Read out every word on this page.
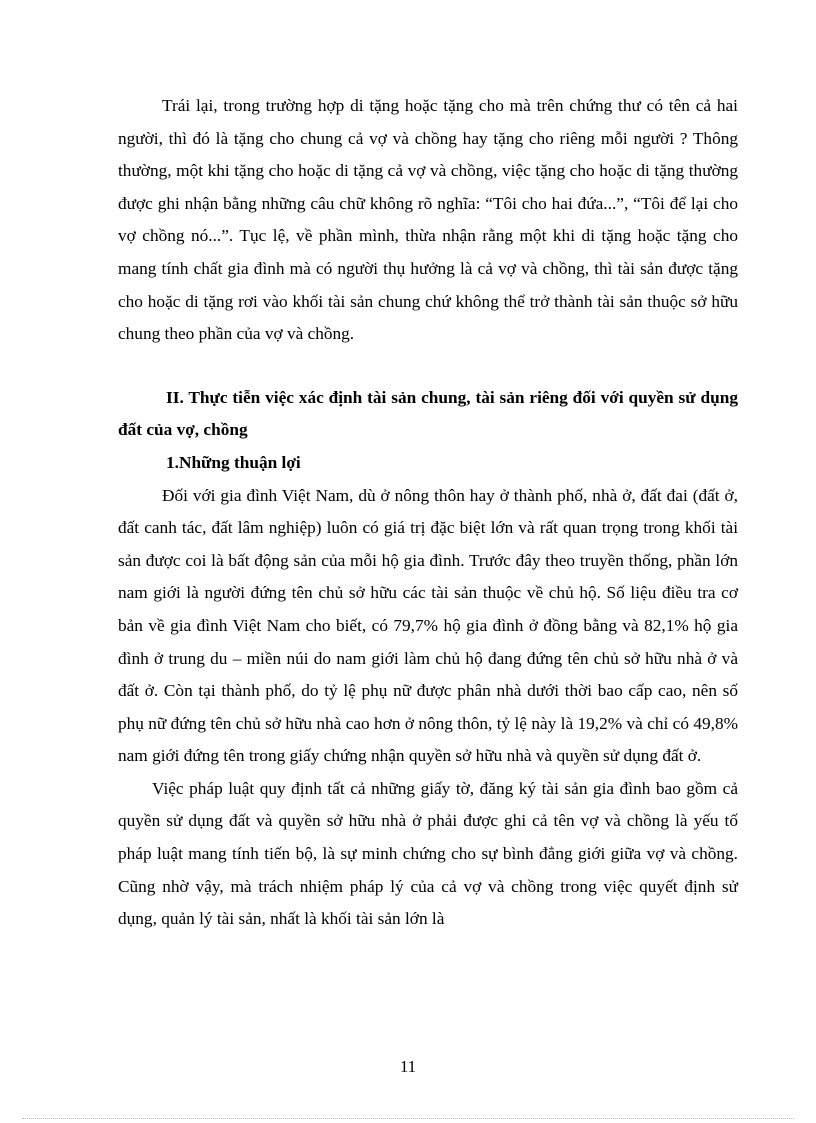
Trái lại, trong trường hợp di tặng hoặc tặng cho mà trên chứng thư có tên cả hai người, thì đó là tặng cho chung cả vợ và chồng hay tặng cho riêng mỗi người ? Thông thường, một khi tặng cho hoặc di tặng cả vợ và chồng, việc tặng cho hoặc di tặng thường được ghi nhận bằng những câu chữ không rõ nghĩa: “Tôi cho hai đứa...”, “Tôi để lại cho vợ chồng nó...”. Tục lệ, về phần mình, thừa nhận rằng một khi di tặng hoặc tặng cho mang tính chất gia đình mà có người thụ hưởng là cả vợ và chồng, thì tài sản được tặng cho hoặc di tặng rơi vào khối tài sản chung chứ không thể trở thành tài sản thuộc sở hữu chung theo phần của vợ và chồng.

II. Thực tiễn việc xác định tài sản chung, tài sản riêng đối với quyền sử dụng đất của vợ, chồng

1.Những thuận lợi

Đối với gia đình Việt Nam, dù ở nông thôn hay ở thành phố, nhà ở, đất đai (đất ở, đất canh tác, đất lâm nghiệp) luôn có giá trị đặc biệt lớn và rất quan trọng trong khối tài sản được coi là bất động sản của mỗi hộ gia đình. Trước đây theo truyền thống, phần lớn nam giới là người đứng tên chủ sở hữu các tài sản thuộc về chủ hộ. Số liệu điều tra cơ bản về gia đình Việt Nam cho biết, có 79,7% hộ gia đình ở đồng bằng và 82,1% hộ gia đình ở trung du – miền núi do nam giới làm chủ hộ đang đứng tên chủ sở hữu nhà ở và đất ở. Còn tại thành phố, do tỷ lệ phụ nữ được phân nhà dưới thời bao cấp cao, nên số phụ nữ đứng tên chủ sở hữu nhà cao hơn ở nông thôn, tỷ lệ này là 19,2% và chỉ có 49,8% nam giới đứng tên trong giấy chứng nhận quyền sở hữu nhà và quyền sử dụng đất ở.

Việc pháp luật quy định tất cả những giấy tờ, đăng ký tài sản gia đình bao gồm cả quyền sử dụng đất và quyền sở hữu nhà ở phải được ghi cả tên vợ và chồng là yếu tố pháp luật mang tính tiến bộ, là sự minh chứng cho sự bình đẳng giới giữa vợ và chồng. Cũng nhờ vậy, mà trách nhiệm pháp lý của cả vợ và chồng trong việc quyết định sử dụng, quản lý tài sản, nhất là khối tài sản lớn là

11
